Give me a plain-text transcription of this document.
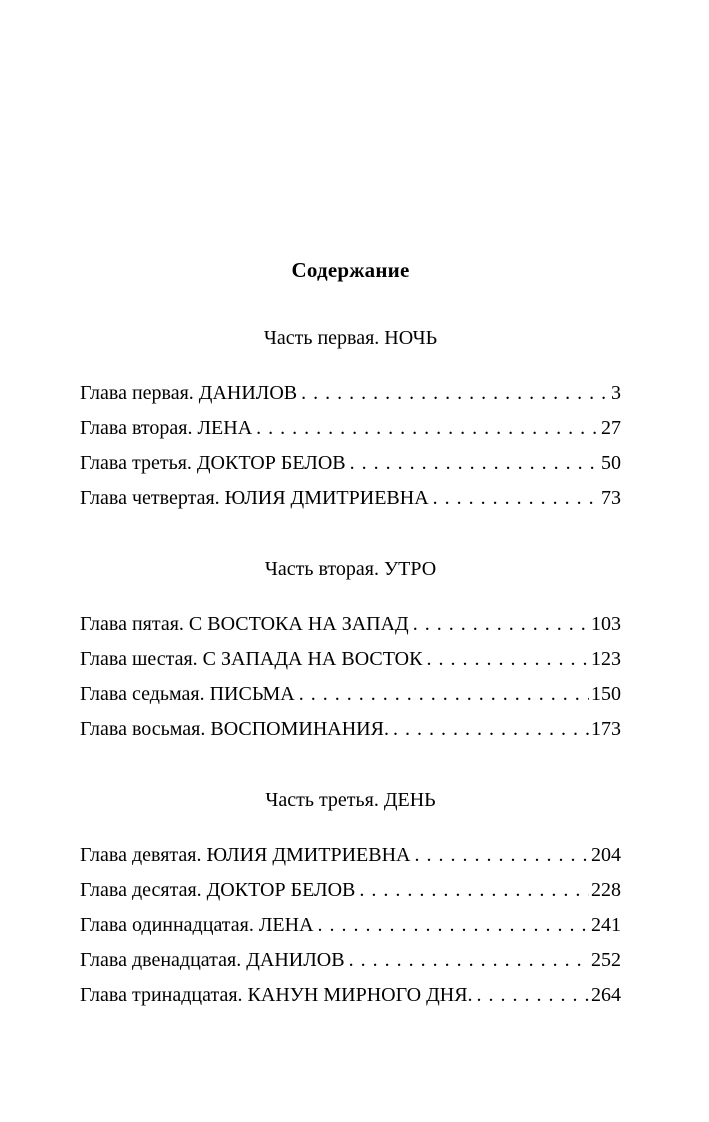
Содержание
Часть первая. НОЧЬ
Глава первая. ДАНИЛОВ . . .	3
Глава вторая. ЛЕНА . . .	27
Глава третья. ДОКТОР БЕЛОВ . . .	50
Глава четвертая. ЮЛИЯ ДМИТРИЕВНА . . .	73
Часть вторая. УТРО
Глава пятая. С ВОСТОКА НА ЗАПАД . . .	103
Глава шестая. С ЗАПАДА НА ВОСТОК . . .	123
Глава седьмая. ПИСЬМА . . .	150
Глава восьмая. ВОСПОМИНАНИЯ. . . .	173
Часть третья. ДЕНЬ
Глава девятая. ЮЛИЯ ДМИТРИЕВНА . . .	204
Глава десятая. ДОКТОР БЕЛОВ . . .	228
Глава одиннадцатая. ЛЕНА . . .	241
Глава двенадцатая. ДАНИЛОВ . . .	252
Глава тринадцатая. КАНУН МИРНОГО ДНЯ. . . .	264
